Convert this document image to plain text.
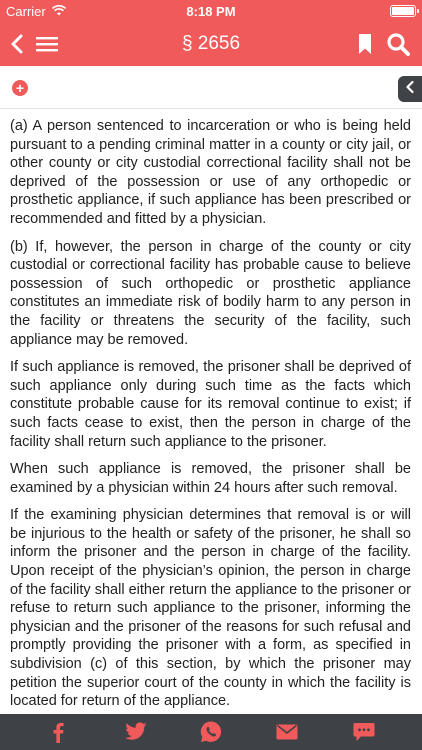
Carrier	8:18 PM
§ 2656
+

(a) A person sentenced to incarceration or who is being held pursuant to a pending criminal matter in a county or city jail, or other county or city custodial correctional facility shall not be deprived of the possession or use of any orthopedic or prosthetic appliance, if such appliance has been prescribed or recommended and fitted by a physician.

(b) If, however, the person in charge of the county or city custodial or correctional facility has probable cause to believe possession of such orthopedic or prosthetic appliance constitutes an immediate risk of bodily harm to any person in the facility or threatens the security of the facility, such appliance may be removed.

If such appliance is removed, the prisoner shall be deprived of such appliance only during such time as the facts which constitute probable cause for its removal continue to exist; if such facts cease to exist, then the person in charge of the facility shall return such appliance to the prisoner.

When such appliance is removed, the prisoner shall be examined by a physician within 24 hours after such removal.

If the examining physician determines that removal is or will be injurious to the health or safety of the prisoner, he shall so inform the prisoner and the person in charge of the facility. Upon receipt of the physician’s opinion, the person in charge of the facility shall either return the appliance to the prisoner or refuse to return such appliance to the prisoner, informing the physician and the prisoner of the reasons for such refusal and promptly providing the prisoner with a form, as specified in subdivision (c) of this section, by which the prisoner may petition the superior court of the county in which the facility is located for return of the appliance.
